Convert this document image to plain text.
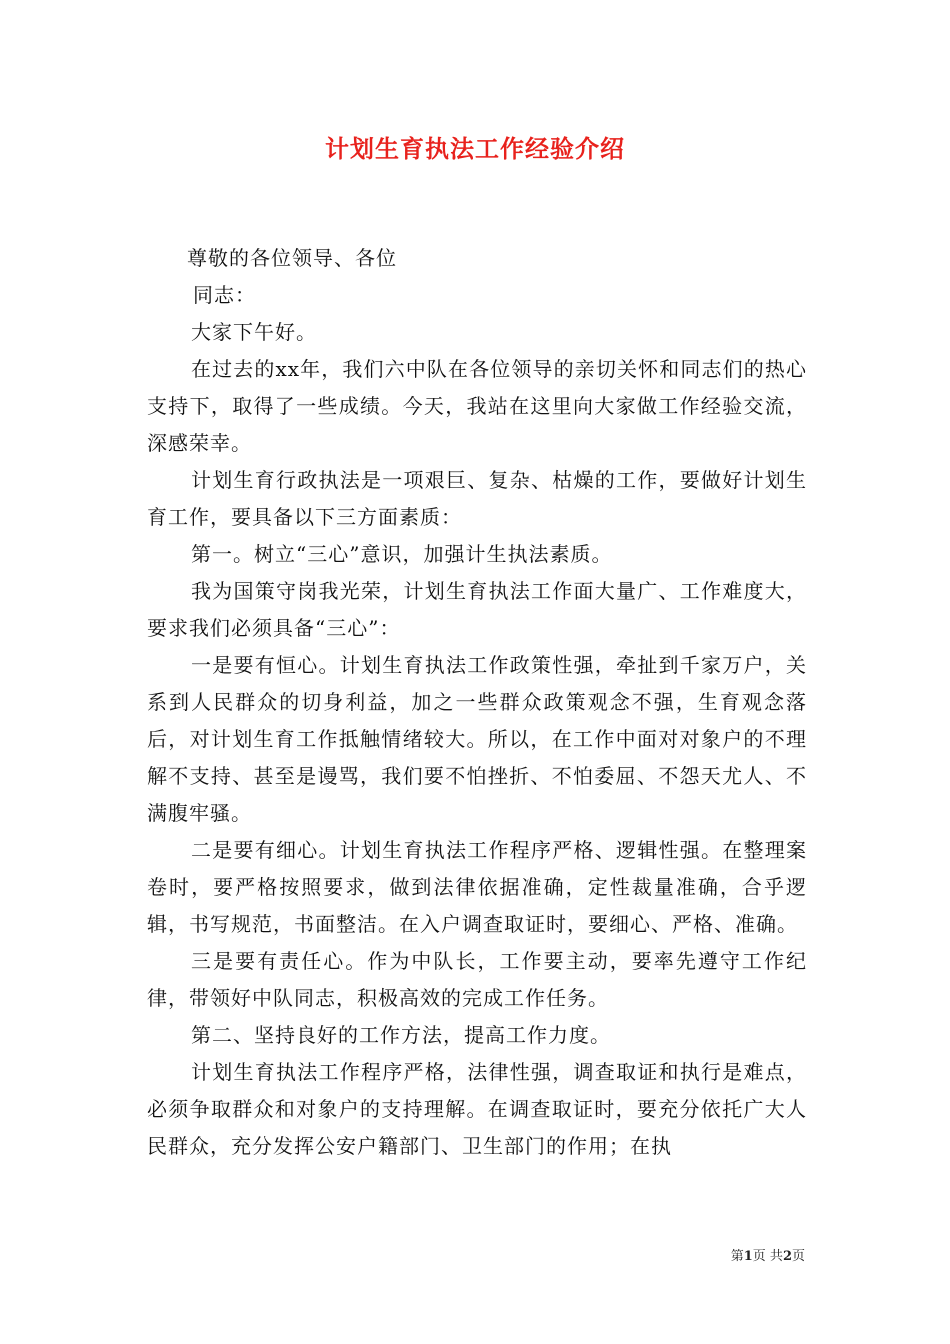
计划生育执法工作经验介绍

尊敬的各位领导、各位

同志：

大家下午好。

在过去的xx年，我们六中队在各位领导的亲切关怀和同志们的热心支持下，取得了一些成绩。今天，我站在这里向大家做工作经验交流，深感荣幸。

计划生育行政执法是一项艰巨、复杂、枯燥的工作，要做好计划生育工作，要具备以下三方面素质：

第一。树立“三心”意识，加强计生执法素质。

我为国策守岗我光荣，计划生育执法工作面大量广、工作难度大，要求我们必须具备“三心”：

一是要有恒心。计划生育执法工作政策性强，牵扯到千家万户，关系到人民群众的切身利益，加之一些群众政策观念不强，生育观念落后，对计划生育工作抵触情绪较大。所以，在工作中面对对象户的不理解不支持、甚至是谩骂，我们要不怕挫折、不怕委屈、不怨天尤人、不满腹牢骚。

二是要有细心。计划生育执法工作程序严格、逻辑性强。在整理案卷时，要严格按照要求，做到法律依据准确，定性裁量准确，合乎逻辑，书写规范，书面整洁。在入户调查取证时，要细心、严格、准确。

三是要有责任心。作为中队长，工作要主动，要率先遵守工作纪律，带领好中队同志，积极高效的完成工作任务。

第二、坚持良好的工作方法，提高工作力度。

计划生育执法工作程序严格，法律性强，调查取证和执行是难点，必须争取群众和对象户的支持理解。在调查取证时，要充分依托广大人民群众，充分发挥公安户籍部门、卫生部门的作用；在执

第1页 共2页
